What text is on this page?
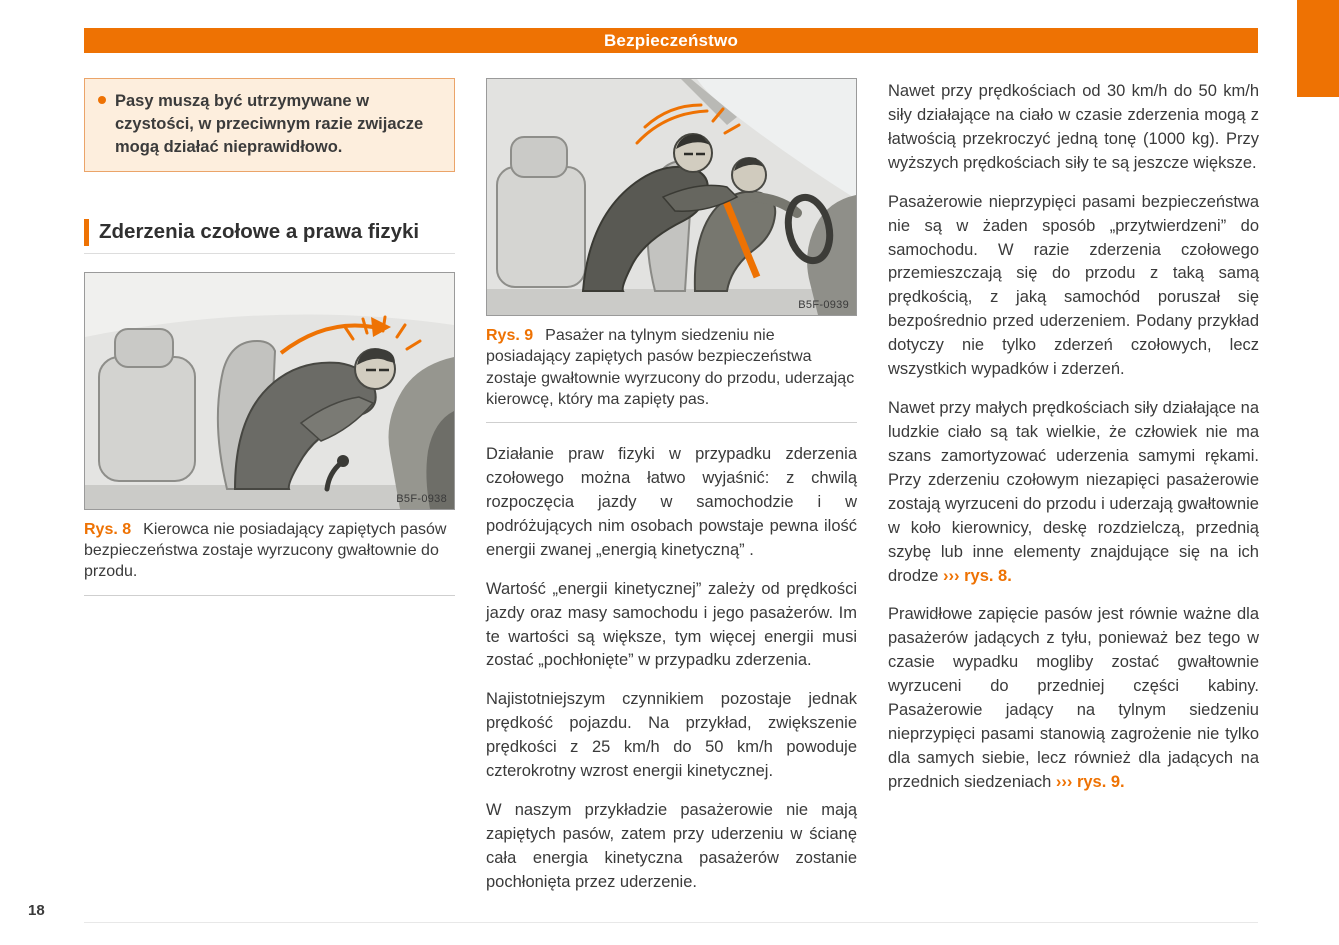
Bezpieczeństwo

Pasy muszą być utrzymywane w czystości, w przeciwnym razie zwijacze mogą działać nieprawidłowo.

Zderzenia czołowe a prawa fizyki
B5F-0938
Rys. 8 Kierowca nie posiadający zapiętych pasów bezpieczeństwa zostaje wyrzucony gwałtownie do przodu.
B5F-0939
Rys. 9 Pasażer na tylnym siedzeniu nie posiadający zapiętych pasów bezpieczeństwa zostaje gwałtownie wyrzucony do przodu, uderzając kierowcę, który ma zapięty pas.

Działanie praw fizyki w przypadku zderzenia czołowego można łatwo wyjaśnić: z chwilą rozpoczęcia jazdy w samochodzie i w podróżujących nim osobach powstaje pewna ilość energii zwanej „energią kinetyczną” .

Wartość „energii kinetycznej” zależy od prędkości jazdy oraz masy samochodu i jego pasażerów. Im te wartości są większe, tym więcej energii musi zostać „pochłonięte” w przypadku zderzenia.

Najistotniejszym czynnikiem pozostaje jednak prędkość pojazdu. Na przykład, zwiększenie prędkości z 25 km/h do 50 km/h powoduje czterokrotny wzrost energii kinetycznej.

W naszym przykładzie pasażerowie nie mają zapiętych pasów, zatem przy uderzeniu w ścianę cała energia kinetyczna pasażerów zostanie pochłonięta przez uderzenie.

Nawet przy prędkościach od 30 km/h do 50 km/h siły działające na ciało w czasie zderzenia mogą z łatwością przekroczyć jedną tonę (1000 kg). Przy wyższych prędkościach siły te są jeszcze większe.

Pasażerowie nieprzypięci pasami bezpieczeństwa nie są w żaden sposób „przytwierdzeni” do samochodu. W razie zderzenia czołowego przemieszczają się do przodu z taką samą prędkością, z jaką samochód poruszał się bezpośrednio przed uderzeniem. Podany przykład dotyczy nie tylko zderzeń czołowych, lecz wszystkich wypadków i zderzeń.

Nawet przy małych prędkościach siły działające na ludzkie ciało są tak wielkie, że człowiek nie ma szans zamortyzować uderzenia samymi rękami. Przy zderzeniu czołowym niezapięci pasażerowie zostają wyrzuceni do przodu i uderzają gwałtownie w koło kierownicy, deskę rozdzielczą, przednią szybę lub inne elementy znajdujące się na ich drodze ››› rys. 8.

Prawidłowe zapięcie pasów jest równie ważne dla pasażerów jadących z tyłu, ponieważ bez tego w czasie wypadku mogliby zostać gwałtownie wyrzuceni do przedniej części kabiny. Pasażerowie jadący na tylnym siedzeniu nieprzypięci pasami stanowią zagrożenie nie tylko dla samych siebie, lecz również dla jadących na przednich siedzeniach ››› rys. 9.

18
